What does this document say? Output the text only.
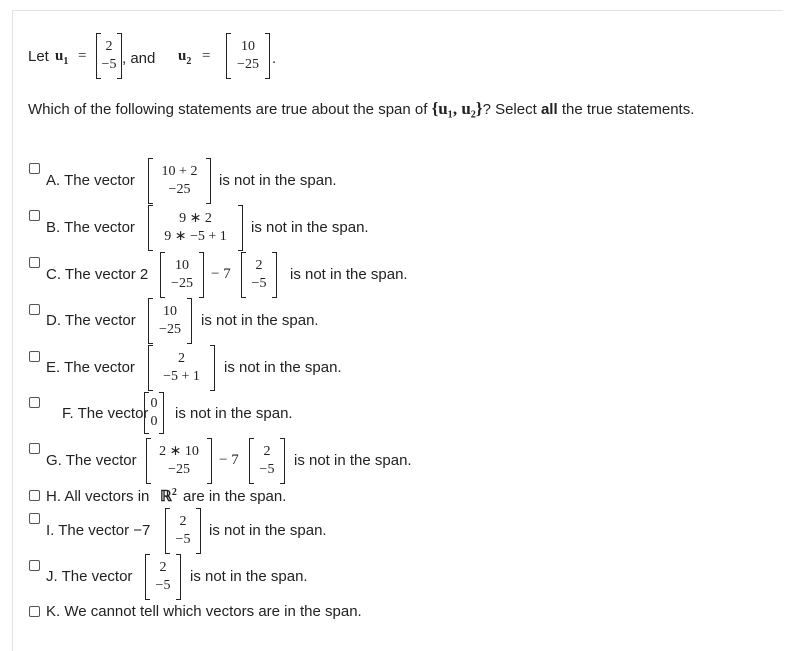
Let $u_1$ =
2
−5 , and $u_2$ =
10
−25 .
Which of the following statements are true about the span of {u₁, u₂}? Select all the true statements.
A. The vector
10 + 2
−25
is not in the span.
B. The vector
9 ∗ 2
9 ∗ −5 + 1
is not in the span.
C. The vector 2
10
−25
− 7
2
−5
is not in the span.
D. The vector
10
−25
is not in the span.
E. The vector
2
−5 + 1
is not in the span.
F. The vector
0
0 is not in the span.
G. The vector
2 ∗ 10
−25
− 7
2
−5
is not in the span.
H. All vectors in ℝ$^2$ are in the span.
I. The vector −7
2
−5
is not in the span.
J. The vector
2
−5
is not in the span.
K. We cannot tell which vectors are in the span.
